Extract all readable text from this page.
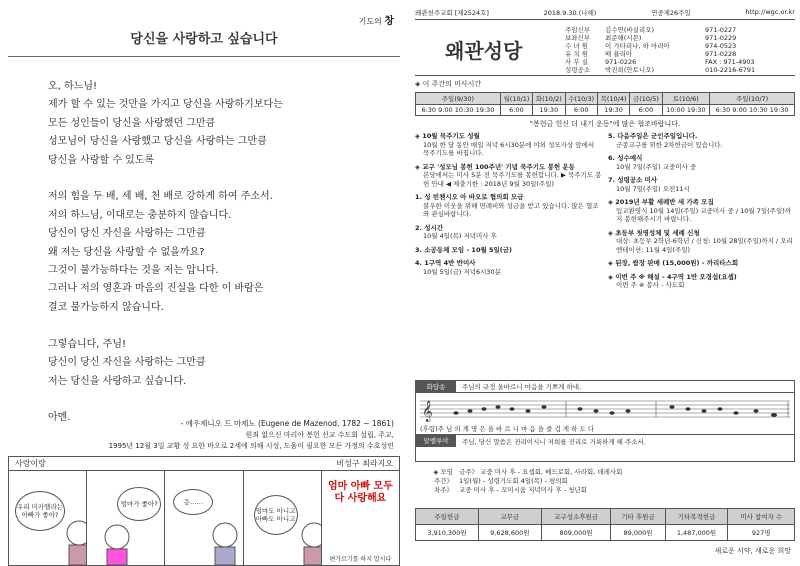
기도의 창
당신을 사랑하고 싶습니다

오, 하느님!

제가 할 수 있는 것만을 가지고 당신을 사랑하기보다는

모든 성인들이 당신을 사랑했던 그만큼

성모님이 당신을 사랑했고 당신을 사랑하는 그만큼

당신을 사랑할 수 있도록

저의 힘을 두 배, 세 배, 천 배로 강하게 하여 주소서.

저의 하느님, 이대로는 충분하지 않습니다.

당신이 당신 자신을 사랑하는 그만큼

왜 저는 당신을 사랑할 수 없을까요?

그것이 불가능하다는 것을 저는 압니다.

그러나 저의 영혼과 마음의 진실을 다한 이 바람은

결코 불가능하지 않습니다.

그렇습니다, 주님!

당신이 당신 자신을 사랑하는 그만큼

저는 당신을 사랑하고 싶습니다.

아멘.

- 에우제니오 드 마제노 (Eugene de Mazenod, 1782 ~ 1861)
원죄 없으신 마리아 봉헌 선교 수도회 설립, 주교,
1995년 12월 3일 교황 성 요한 바오로 2세에 의해 시성, 도움이 필요한 모든 가정의 수호성인
사랑이랑	비성구 최라지오
우리 미카엘라는 아빠가 좋아?
엄마가 좋아?	응……
엄마도 아니고 아빠도 아니고
엄마 아빠 모두다 사랑해요
편가르기를 하지 맙시다
왜관천주교회 [제2524호]	2018.9.30.(나해)	연중제26주일	http://wgc.or.kr
왜관성당
주임신부	김수연(바실리오)	971-0227
보좌신부	최준해(시몬)	971-0229
수 녀 원	이 가타리나, 하 마리아	974-0523
유 치 원	배 율리아	971-0228
사 무 실	971-0226	FAX : 971-4903
성령공소	박진희(안토니오)	010-2216-6791
◈ 이 주간의 미사시간
주일(9/30)	월(10/1)	화(10/2)	수(10/3)	목(10/4)	금(10/5)	토(10/6)	주일(10/7)
6:30 9:00 10:30 19:30	6:00	19:30	6:00	19:30	6:00	10:00 19:30	6:30 9:00 10:30 19:30
"봉헌금 헌신 더 내기 운동"에 많은 협조바랍니다.
◈ 10월 묵주기도 성월
10월 한 달 동안 매일 저녁 6시30분에 야외 성모자상 앞에서 묵주기도를 바칩니다.
◈ 교구 '성모님 봉헌 100주년' 기념 묵주기도 봉헌 운동
본당에서는 미사 5분 전 묵주기도를 봉헌합니다. ▶ 묵주기도 봉헌 안내 ◀ 제출기한 : 2018년 9월 30일(주일)
1. 성 빈첸시오 아 바오로 협의회 모금
불우한 이웃을 위해 면례비와 성금을 받고 있습니다. 많은 협조와 관심바랍니다.
2. 성시간
10월 4일(목) 저녁미사 후
3. 소공동체 모임 - 10월 5일(금)
4. 1구역 4반 반미사
10월 5일(금) 저녁6시30분
5. 다음주일은 군인주일입니다.
군종교구를 위한 2차헌금이 있습니다.
6. 성수예식
10월 7일(주일) 교중미사 중
7. 성령공소 미사
10월 7일(주일) 오전11시
◈ 2019년 부활 세례반 새 가족 모집
입교환영식 10월 14일(주일) 교중미사 중 / 10월 7일(주일)까지 봉헌해주시기 바랍니다.
◈ 초등부 첫영성체 및 세례 신청
대상: 초등부 2학년-6학년 / 신청: 10월 28일(주일)까지 / 오리엔테이션: 11월 4일(주일)
◈ 된장, 쌈장 판매 (15,000원) - 까리타스회
◈ 이번 주 ※ 해설 - 4구역 1반 오경섭(요셉)
이번 주 ※ 봉사 - 사도회
화답송	주님의 규정 올바르니 마음을 기쁘게 하네.
𝄞
(후렴)주 님 의 계 명 은 올 바 르 니 마 음 을 즐 겁 게 하 도 다
알렐루야	주님, 당신 말씀은 진리이시니 저희를 진리로 거룩하게 해 주소서.
◈ 모임 금주》 교중 미사 후 - 요셉회, 베드로회, 사라회, 데레사회
주간》 1일(월) - 성령기도회 4일(목) - 평의회
차주》 교중 미사 후 - 꼬미시움 저녁미사 후 - 청년회
주일헌금	교무금	교구성소후원금	기타 후원금	기타목적헌금	미사 참여자 수
3,910,300원	9,628,600원	809,000원	89,000원	1,487,000원	927명
새로운 서약, 새로운 희망
